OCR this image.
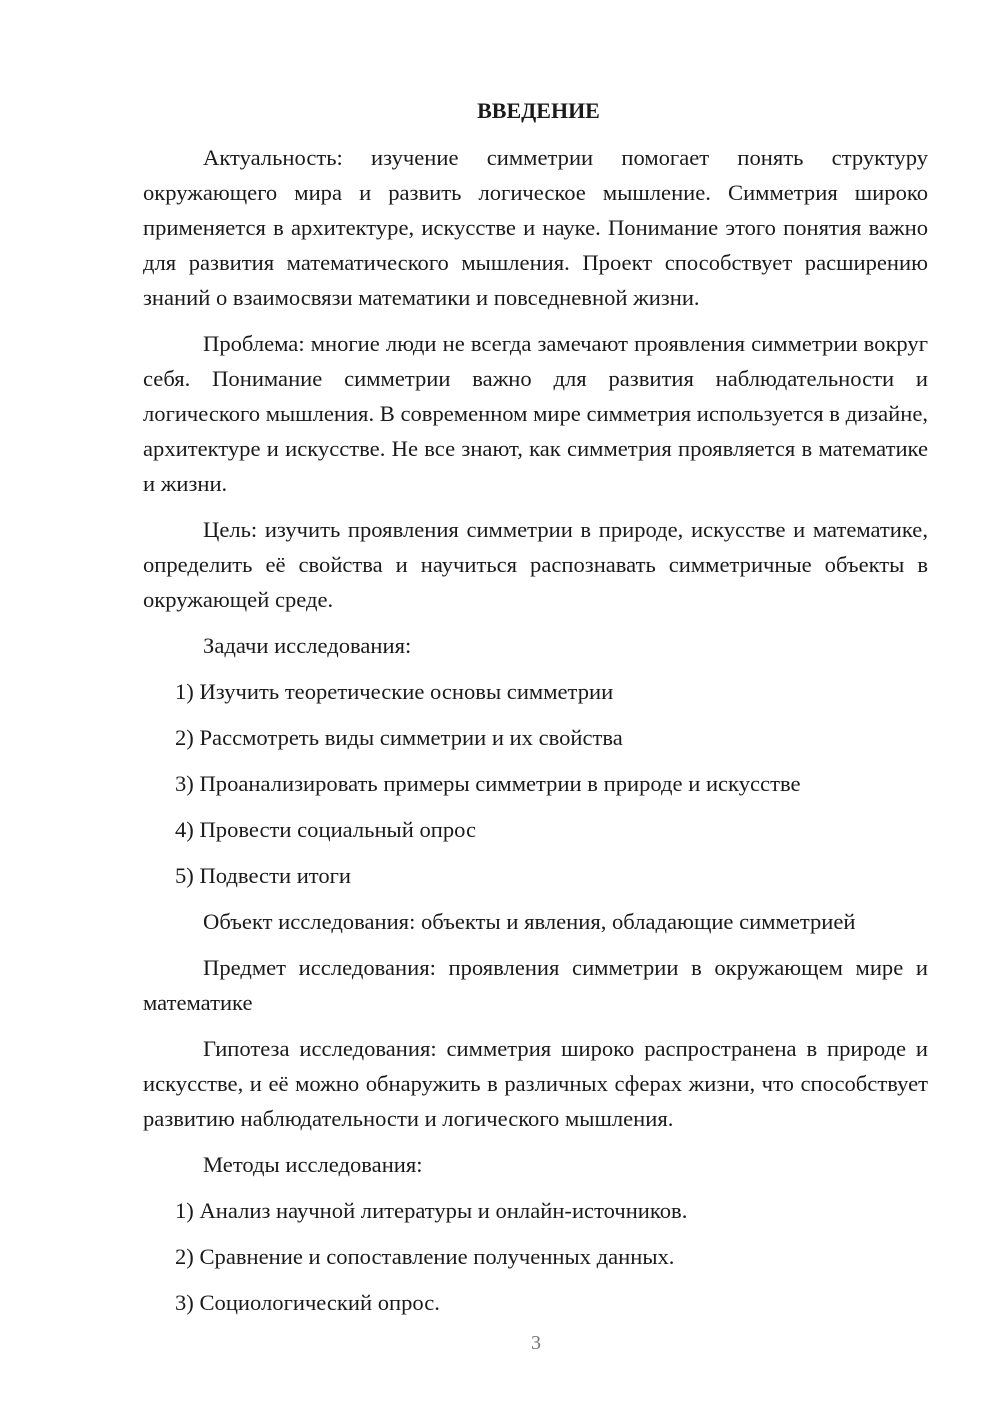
ВВЕДЕНИЕ

Актуальность: изучение симметрии помогает понять структуру окружающего мира и развить логическое мышление. Симметрия широко применяется в архитектуре, искусстве и науке. Понимание этого понятия важно для развития математического мышления. Проект способствует расширению знаний о взаимосвязи математики и повседневной жизни.

Проблема: многие люди не всегда замечают проявления симметрии вокруг себя. Понимание симметрии важно для развития наблюдательности и логического мышления. В современном мире симметрия используется в дизайне, архитектуре и искусстве. Не все знают, как симметрия проявляется в математике и жизни.

Цель: изучить проявления симметрии в природе, искусстве и математике, определить её свойства и научиться распознавать симметричные объекты в окружающей среде.

Задачи исследования:

1) Изучить теоретические основы симметрии

2) Рассмотреть виды симметрии и их свойства

3) Проанализировать примеры симметрии в природе и искусстве

4) Провести социальный опрос

5) Подвести итоги

Объект исследования: объекты и явления, обладающие симметрией

Предмет исследования: проявления симметрии в окружающем мире и математике

Гипотеза исследования: симметрия широко распространена в природе и искусстве, и её можно обнаружить в различных сферах жизни, что способствует развитию наблюдательности и логического мышления.

Методы исследования:

1) Анализ научной литературы и онлайн-источников.

2) Сравнение и сопоставление полученных данных.

3) Социологический опрос.

3
